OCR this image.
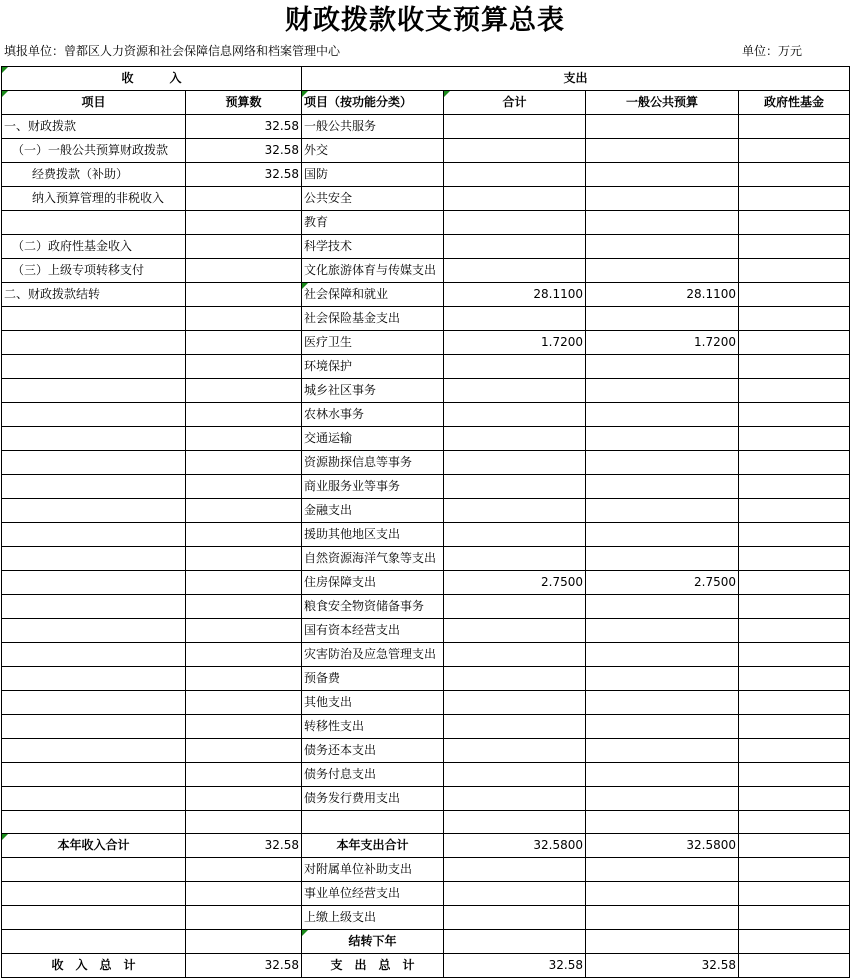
财政拨款收支预算总表
填报单位：曾都区人力资源和社会保障信息网络和档案管理中心	单位：万元
收　　　入		支出			
项目	预算数	项目（按功能分类）	合计	一般公共预算	政府性基金
一、财政拨款	32.58	一般公共服务			
（一）一般公共预算财政拨款	32.58	外交			
经费拨款（补助）	32.58	国防			
纳入预算管理的非税收入		公共安全			
		教育			
（二）政府性基金收入		科学技术			
（三）上级专项转移支付		文化旅游体育与传媒支出			
二、财政拨款结转		社会保障和就业	28.1100	28.1100	
		社会保险基金支出			
		医疗卫生	1.7200	1.7200	
		环境保护			
		城乡社区事务			
		农林水事务			
		交通运输			
		资源勘探信息等事务			
		商业服务业等事务			
		金融支出			
		援助其他地区支出			
		自然资源海洋气象等支出			
		住房保障支出	2.7500	2.7500	
		粮食安全物资储备事务			
		国有资本经营支出			
		灾害防治及应急管理支出			
		预备费			
		其他支出			
		转移性支出			
		债务还本支出			
		债务付息支出			
		债务发行费用支出			

本年收入合计	32.58	本年支出合计	32.5800	32.5800	
		对附属单位补助支出			
		事业单位经营支出			
		上缴上级支出			
		结转下年			
收　入　总　计	32.58	支　出　总　计	32.58	32.58	
